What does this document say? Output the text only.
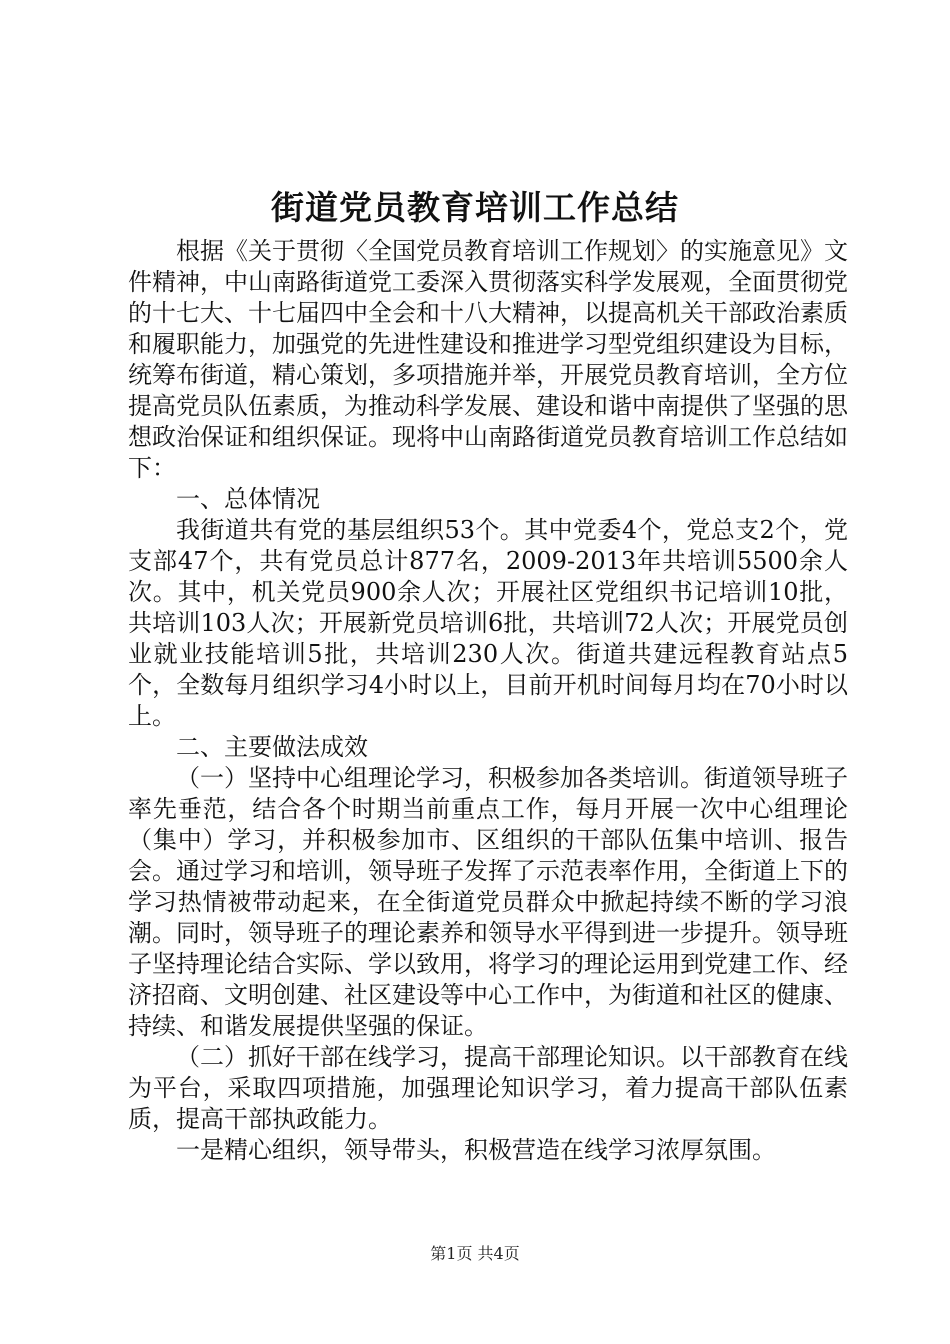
街道党员教育培训工作总结

根据《关于贯彻〈全国党员教育培训工作规划〉的实施意见》文件精神，中山南路街道党工委深入贯彻落实科学发展观，全面贯彻党的十七大、十七届四中全会和十八大精神，以提高机关干部政治素质和履职能力，加强党的先进性建设和推进学习型党组织建设为目标，统筹布街道，精心策划，多项措施并举，开展党员教育培训，全方位提高党员队伍素质，为推动科学发展、建设和谐中南提供了坚强的思想政治保证和组织保证。现将中山南路街道党员教育培训工作总结如下：

一、总体情况

我街道共有党的基层组织53个。其中党委4个，党总支2个，党支部47个，共有党员总计877名，2009-2013年共培训5500余人次。其中，机关党员900余人次；开展社区党组织书记培训10批，共培训103人次；开展新党员培训6批，共培训72人次；开展党员创业就业技能培训5批，共培训230人次。街道共建远程教育站点5个，全数每月组织学习4小时以上，目前开机时间每月均在70小时以上。

二、主要做法成效

（一）坚持中心组理论学习，积极参加各类培训。街道领导班子率先垂范，结合各个时期当前重点工作，每月开展一次中心组理论（集中）学习，并积极参加市、区组织的干部队伍集中培训、报告会。通过学习和培训，领导班子发挥了示范表率作用，全街道上下的学习热情被带动起来，在全街道党员群众中掀起持续不断的学习浪潮。同时，领导班子的理论素养和领导水平得到进一步提升。领导班子坚持理论结合实际、学以致用，将学习的理论运用到党建工作、经济招商、文明创建、社区建设等中心工作中，为街道和社区的健康、持续、和谐发展提供坚强的保证。

（二）抓好干部在线学习，提高干部理论知识。以干部教育在线为平台，采取四项措施，加强理论知识学习，着力提高干部队伍素质，提高干部执政能力。

一是精心组织，领导带头，积极营造在线学习浓厚氛围。

第1页 共4页
